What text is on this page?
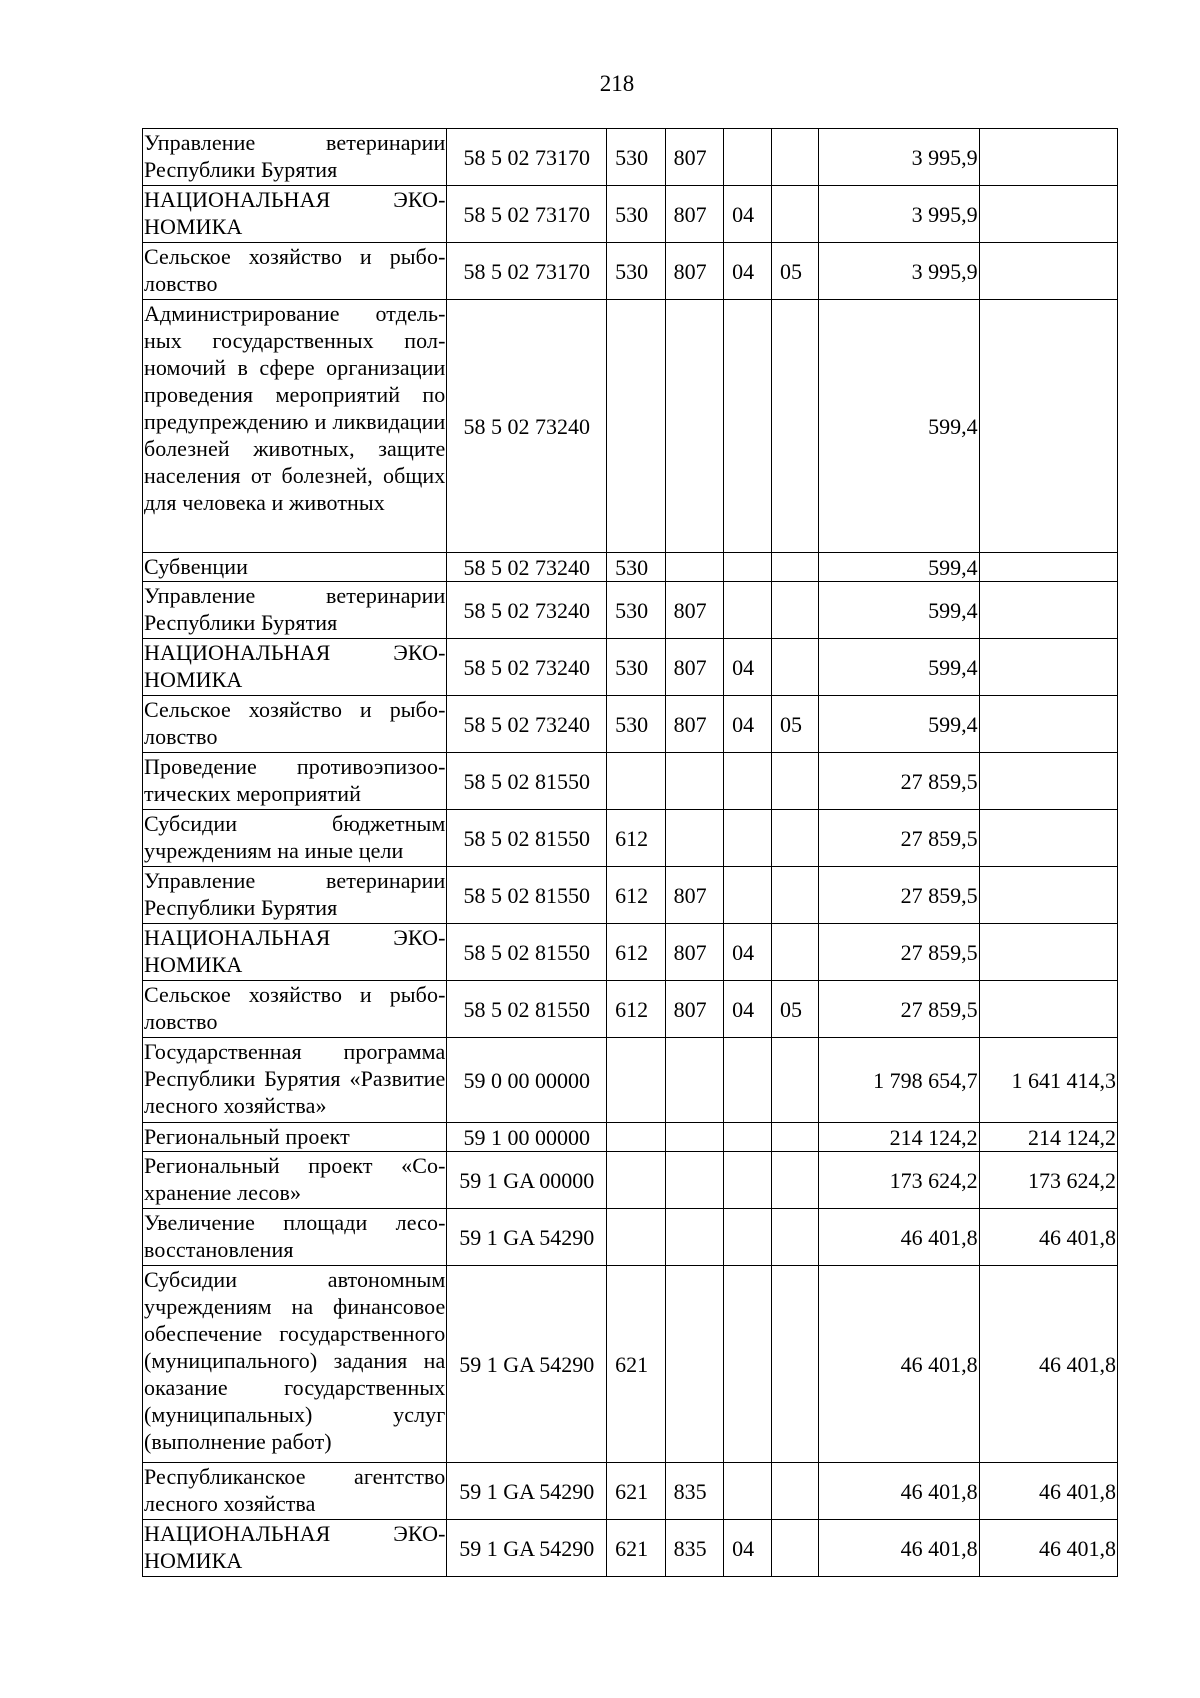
218
Управление ветеринарии Республики Бурятия	58 5 02 73170	530	807			3 995,9	
НАЦИОНАЛЬНАЯ ЭКОНОМИКА	58 5 02 73170	530	807	04		3 995,9	
Сельское хозяйство и рыболовство	58 5 02 73170	530	807	04	05	3 995,9	
Администрирование отдельных государственных полномочий в сфере организации проведения мероприятий по предупреждению и ликвидации болезней животных, защите населения от болезней, общих для человека и животных	58 5 02 73240					599,4	
Субвенции	58 5 02 73240	530				599,4	
Управление ветеринарии Республики Бурятия	58 5 02 73240	530	807			599,4	
НАЦИОНАЛЬНАЯ ЭКОНОМИКА	58 5 02 73240	530	807	04		599,4	
Сельское хозяйство и рыболовство	58 5 02 73240	530	807	04	05	599,4	
Проведение противоэпизоотических мероприятий	58 5 02 81550					27 859,5	
Субсидии бюджетным учреждениям на иные цели	58 5 02 81550	612				27 859,5	
Управление ветеринарии Республики Бурятия	58 5 02 81550	612	807			27 859,5	
НАЦИОНАЛЬНАЯ ЭКОНОМИКА	58 5 02 81550	612	807	04		27 859,5	
Сельское хозяйство и рыболовство	58 5 02 81550	612	807	04	05	27 859,5	
Государственная программа Республики Бурятия «Развитие лесного хозяйства»	59 0 00 00000					1 798 654,7	1 641 414,3
Региональный проект	59 1 00 00000					214 124,2	214 124,2
Региональный проект «Сохранение лесов»	59 1 GA 00000					173 624,2	173 624,2
Увеличение площади лесовосстановления	59 1 GA 54290					46 401,8	46 401,8
Субсидии автономным учреждениям на финансовое обеспечение государственного (муниципального) задания на оказание государственных (муниципальных) услуг (выполнение работ)	59 1 GA 54290	621				46 401,8	46 401,8
Республиканское агентство лесного хозяйства	59 1 GA 54290	621	835			46 401,8	46 401,8
НАЦИОНАЛЬНАЯ ЭКОНОМИКА	59 1 GA 54290	621	835	04		46 401,8	46 401,8
